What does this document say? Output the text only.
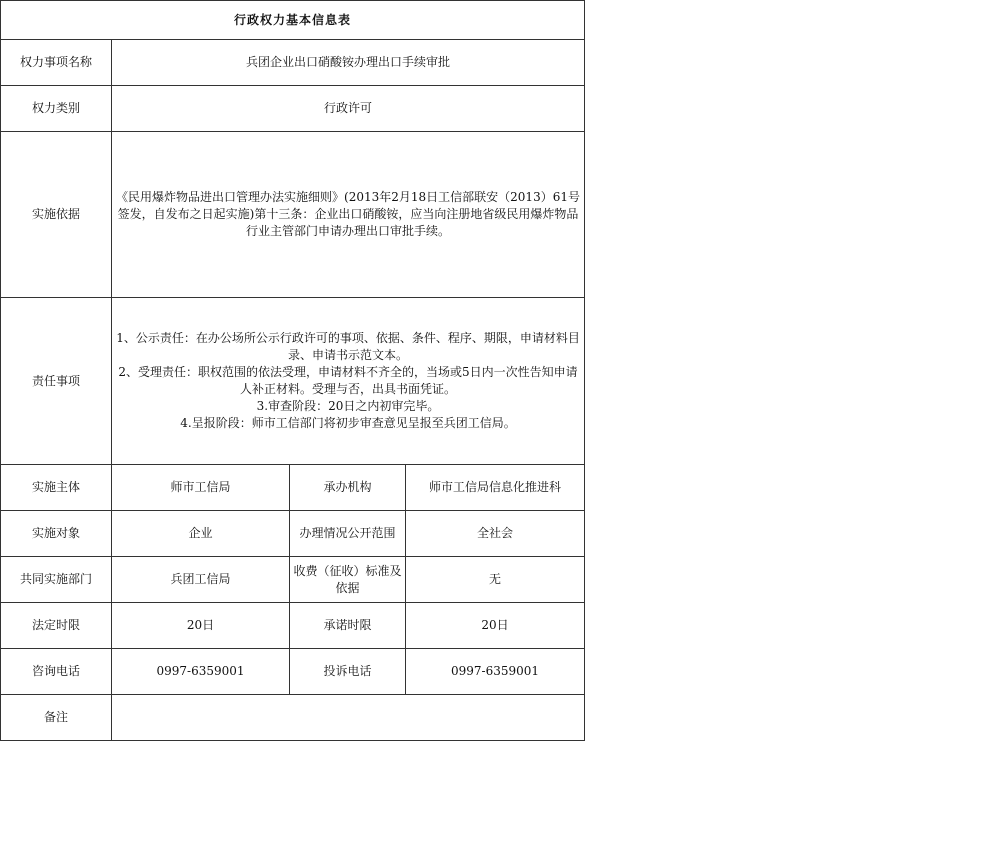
行政权力基本信息表			
权力事项名称	兵团企业出口硝酸铵办理出口手续审批		
权力类别	行政许可		
实施依据	《民用爆炸物品进出口管理办法实施细则》(2013年2月18日工信部联安（2013）61号签发，自发布之日起实施)第十三条：企业出口硝酸铵，应当向注册地省级民用爆炸物品行业主管部门申请办理出口审批手续。		

责任事项	1、公示责任：在办公场所公示行政许可的事项、依据、条件、程序、期限，申请材料目录、申请书示范文本。
2、受理责任：职权范围的依法受理，申请材料不齐全的，当场或5日内一次性告知申请人补正材料。受理与否，出具书面凭证。
3.审查阶段：20日之内初审完毕。
4.呈报阶段：师市工信部门将初步审查意见呈报至兵团工信局。		

实施主体	师市工信局	承办机构	师市工信局信息化推进科
实施对象	企业	办理情况公开范围	全社会
共同实施部门	兵团工信局	收费（征收）标准及依据	无
法定时限	20日	承诺时限	20日
咨询电话	0997-6359001	投诉电话	0997-6359001
备注			
